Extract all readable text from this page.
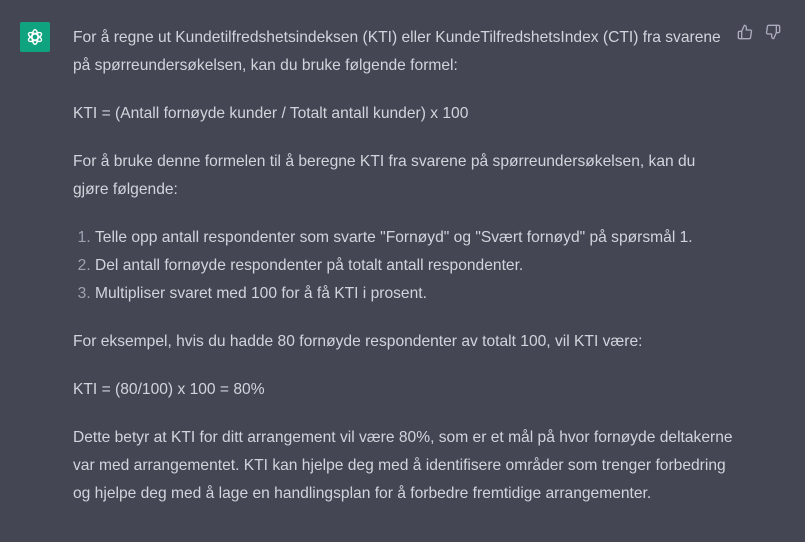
For å regne ut Kundetilfredshetsindeksen (KTI) eller KundeTilfredshetsIndex (CTI) fra svarene på spørreundersøkelsen, kan du bruke følgende formel:

KTI = (Antall fornøyde kunder / Totalt antall kunder) x 100

For å bruke denne formelen til å beregne KTI fra svarene på spørreundersøkelsen, kan du gjøre følgende:

1. Telle opp antall respondenter som svarte "Fornøyd" og "Svært fornøyd" på spørsmål 1.
2. Del antall fornøyde respondenter på totalt antall respondenter.
3. Multipliser svaret med 100 for å få KTI i prosent.

For eksempel, hvis du hadde 80 fornøyde respondenter av totalt 100, vil KTI være:

KTI = (80/100) x 100 = 80%

Dette betyr at KTI for ditt arrangement vil være 80%, som er et mål på hvor fornøyde deltakerne var med arrangementet. KTI kan hjelpe deg med å identifisere områder som trenger forbedring og hjelpe deg med å lage en handlingsplan for å forbedre fremtidige arrangementer.
